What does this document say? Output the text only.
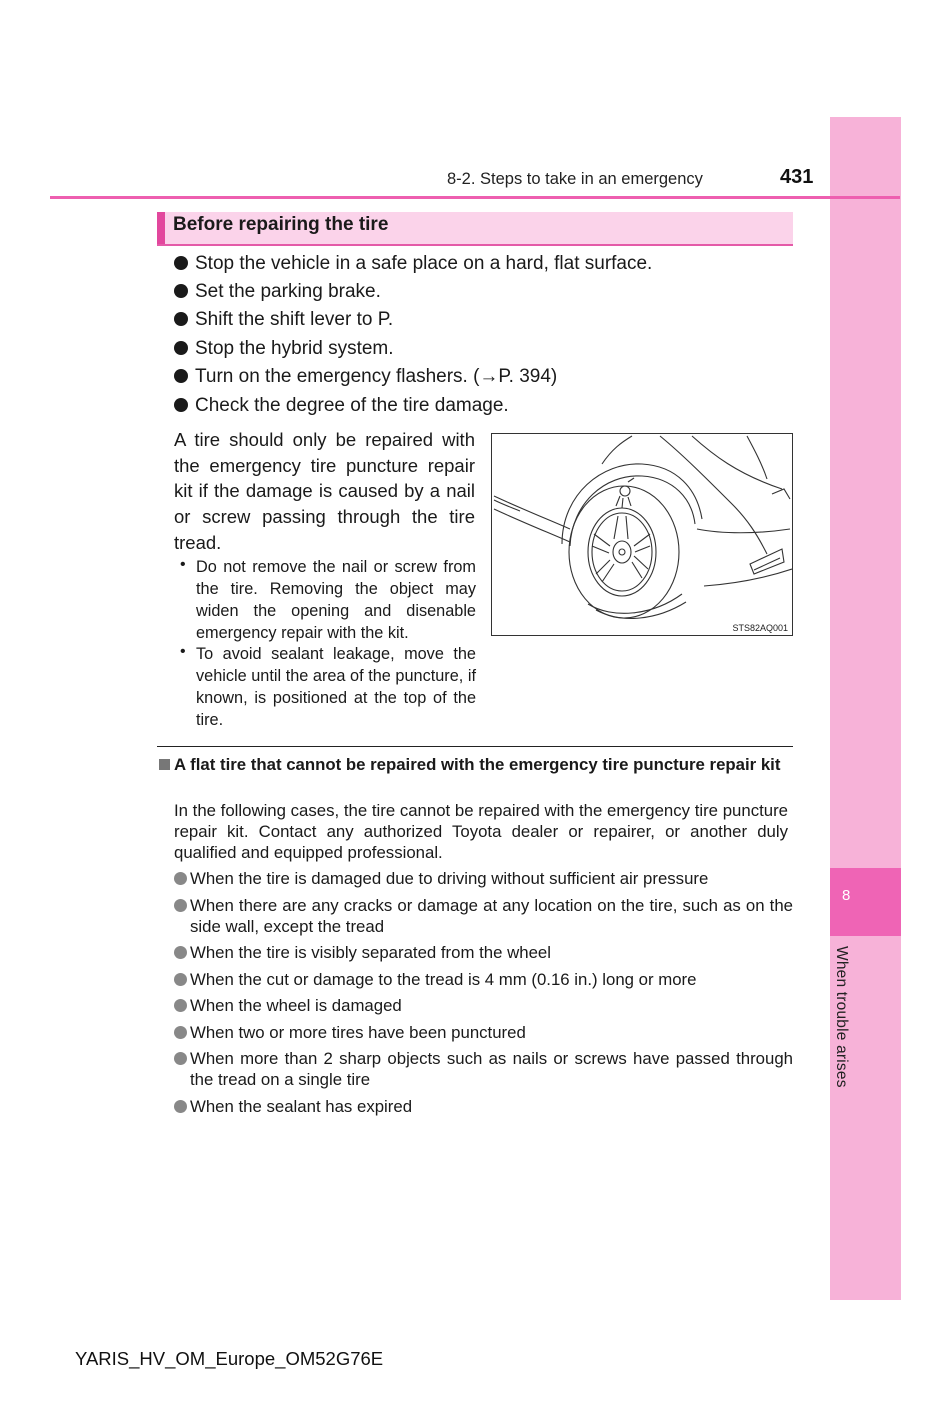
8
When trouble arises
8-2. Steps to take in an emergency	431
Before repairing the tire
Stop the vehicle in a safe place on a hard, flat surface.
Set the parking brake.
Shift the shift lever to P.
Stop the hybrid system.
Turn on the emergency flashers. (→P. 394)
Check the degree of the tire damage.
A tire should only be repaired with the emergency tire puncture repair kit if the damage is caused by a nail or screw passing through the tire tread.
• Do not remove the nail or screw from the tire. Removing the object may widen the opening and disenable emergency repair with the kit.
• To avoid sealant leakage, move the vehicle until the area of the puncture, if known, is positioned at the top of the tire.
STS82AQ001
A flat tire that cannot be repaired with the emergency tire puncture repair kit
In the following cases, the tire cannot be repaired with the emergency tire puncture repair kit. Contact any authorized Toyota dealer or repairer, or another duly qualified and equipped professional.
When the tire is damaged due to driving without sufficient air pressure
When there are any cracks or damage at any location on the tire, such as on the side wall, except the tread
When the tire is visibly separated from the wheel
When the cut or damage to the tread is 4 mm (0.16 in.) long or more
When the wheel is damaged
When two or more tires have been punctured
When more than 2 sharp objects such as nails or screws have passed through the tread on a single tire
When the sealant has expired
YARIS_HV_OM_Europe_OM52G76E
